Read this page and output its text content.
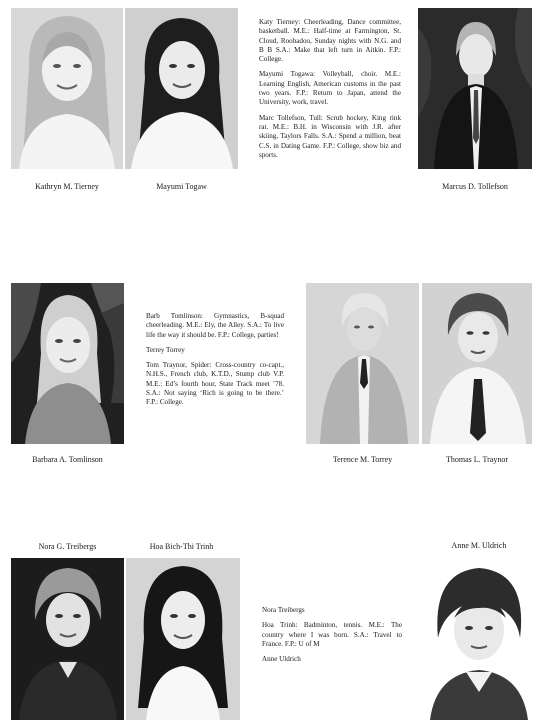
Katy Tierney: Cheerleading, Dance committee, basketball. M.E.: Half-time at Farmington, St. Cloud, Roobadoo, Sunday nights with N.G. and B B S.A.: Make that left turn in Aitkin. F.P.: College.

Mayumi Togawa: Volleyball, choir. M.E.: Learning English, American customs in the past two years. F.P.: Return to Japan, attend the University, work, travel.

Marc Tollefson, Tull: Scrub hockey, King rink rat. M.E.: B.H. in Wisconsin with J.R. after skiing, Taylors Falls. S.A.: Spend a million, beat C.S. in Dating Game. F.P.: College, show biz and sports.

Kathryn M. Tierney	Mayumi Togaw	Marcus D. Tollefson

Barb Tomlinson: Gymnastics, B-squad cheerleading. M.E.: Ely, the Alley. S.A.: To live life the way it should be. F.P.: College, parties!

Terrey Torrey

Tom Traynor, Spider: Cross-country co-capt., N.H.S., French club, K.T.D., Stump club V.P. M.E.: Ed’s fourth hour, State Track meet ’78. S.A.: Not saying ‘Rich is going to be there.’ F.P.: College.

Barbara A. Tomlinson	Terence M. Torrey	Thomas L. Traynor
Nora G. Treibergs	Hoa Bich-Thi Trinh	Anne M. Uldrich

Nora Treibergs

Hoa Trinh: Badminton, tennis. M.E.: The country where I was born. S.A.: Travel to France. F.P.: U of M

Anne Uldrich
